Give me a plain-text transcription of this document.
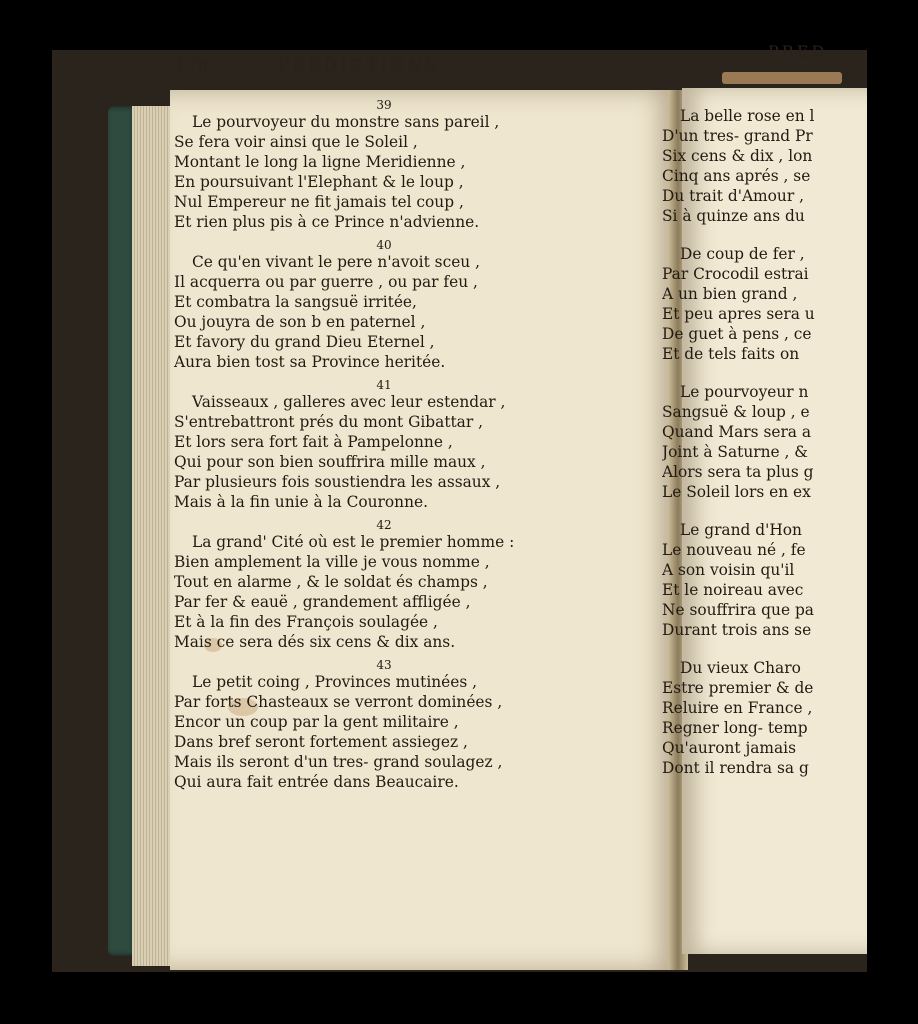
178	PREDICTIONS.
PRED
39
Le pourvoyeur du monstre sans pareil ,
Se fera voir ainsi que le Soleil ,
Montant le long la ligne Meridienne ,
En poursuivant l'Elephant & le loup ,
Nul Empereur ne fit jamais tel coup ,
Et rien plus pis à ce Prince n'advienne.
40
Ce qu'en vivant le pere n'avoit sceu ,
Il acquerra ou par guerre , ou par feu ,
Et combatra la sangsuë irritée,
Ou jouyra de son b en paternel ,
Et favory du grand Dieu Eternel ,
Aura bien tost sa Province heritée.
41
Vaisseaux , galleres avec leur estendar ,
S'entrebattront prés du mont Gibattar ,
Et lors sera fort fait à Pampelonne ,
Qui pour son bien souffrira mille maux ,
Par plusieurs fois soustiendra les assaux ,
Mais à la fin unie à la Couronne.
42
La grand' Cité où est le premier homme :
Bien amplement la ville je vous nomme ,
Tout en alarme , & le soldat és champs ,
Par fer & eauë , grandement affligée ,
Et à la fin des François soulagée ,
Mais ce sera dés six cens & dix ans.
43
Le petit coing , Provinces mutinées ,
Par forts Chasteaux se verront dominées ,
Encor un coup par la gent militaire ,
Dans bref seront fortement assiegez ,
Mais ils seront d'un tres- grand soulagez ,
Qui aura fait entrée dans Beaucaire.
La belle rose en l
D'un tres- grand Pr
Six cens & dix , lon
Cinq ans aprés , se
Du trait d'Amour ,
Si à quinze ans du
De coup de fer ,
Par Crocodil estrai
A un bien grand ,
Et peu apres sera u
De guet à pens , ce
Et de tels faits on
Le pourvoyeur n
Sangsuë & loup , e
Quand Mars sera a
Joint à Saturne , &
Alors sera ta plus g
Le Soleil lors en ex
Le grand d'Hon
Le nouveau né , fe
A son voisin qu'il
Et le noireau avec
Ne souffrira que pa
Durant trois ans se
Du vieux Charo
Estre premier & de
Reluire en France ,
Regner long- temp
Qu'auront jamais
Dont il rendra sa g
